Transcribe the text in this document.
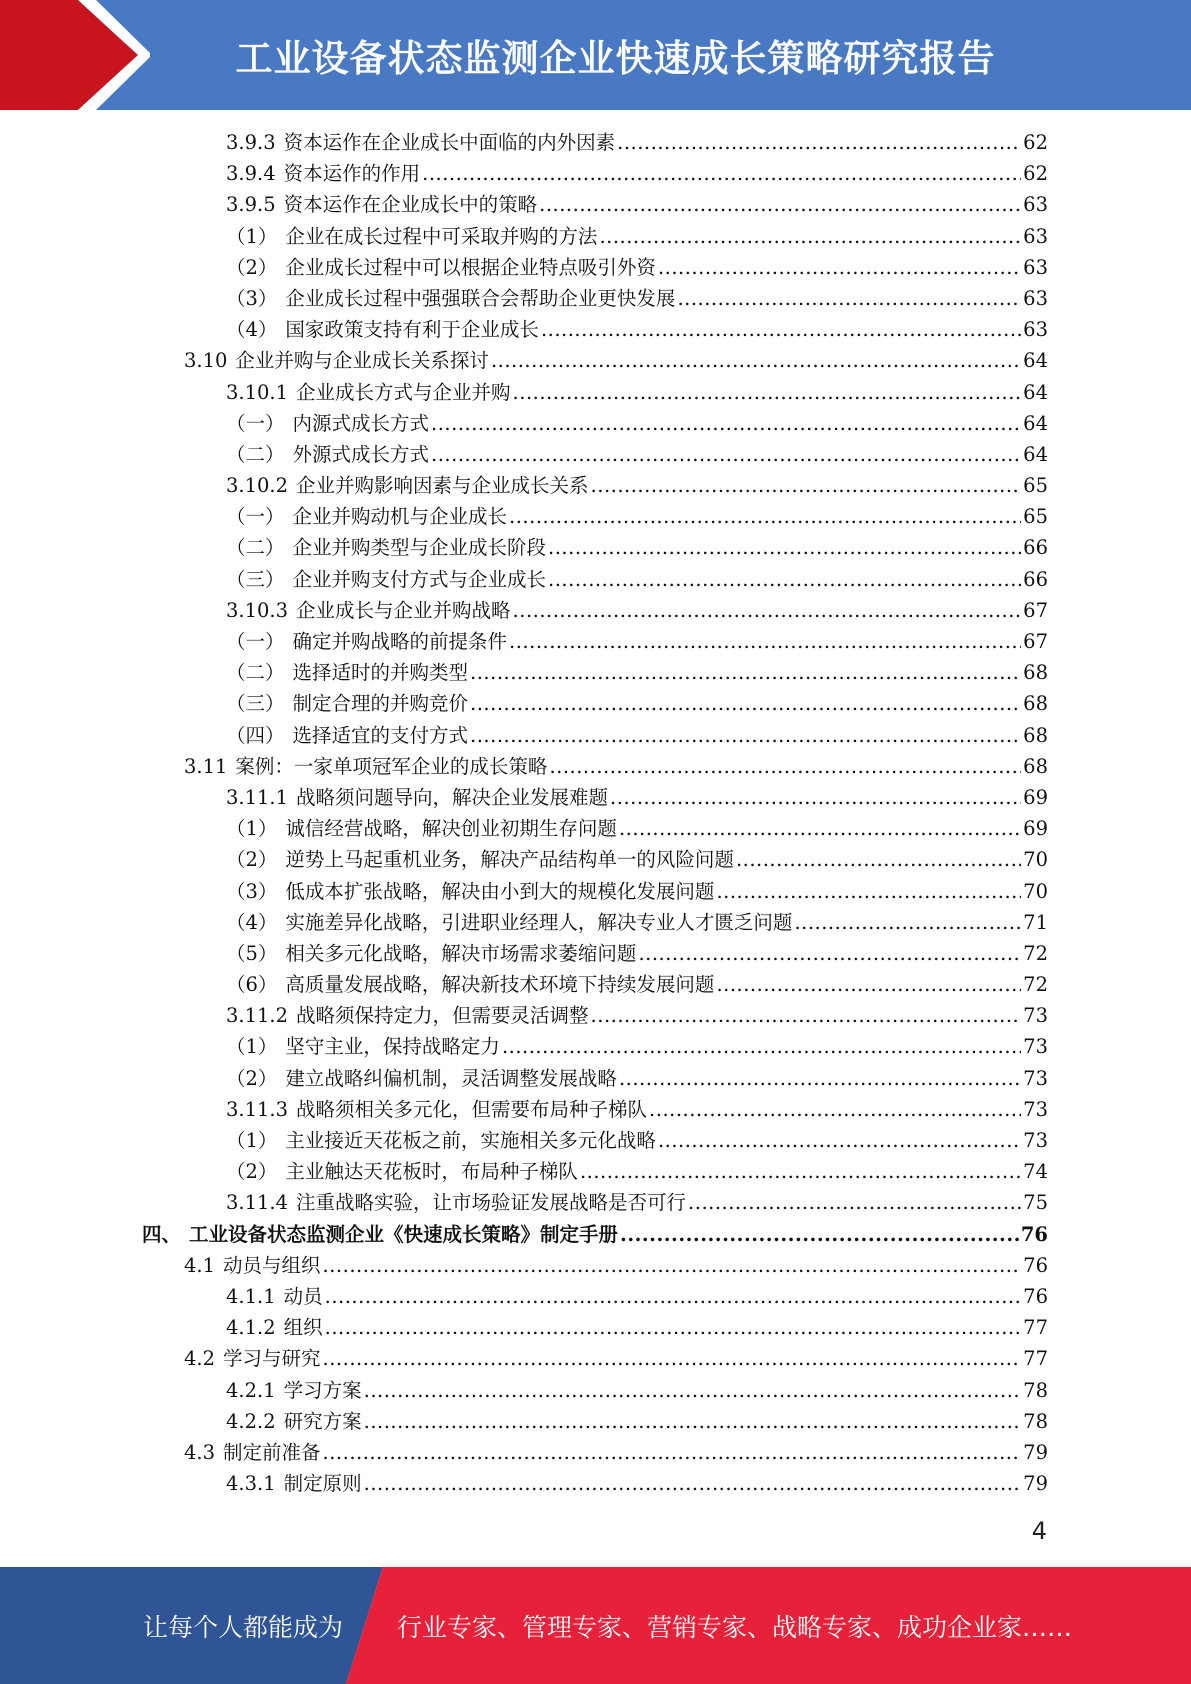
工业设备状态监测企业快速成长策略研究报告
3.9.3 资本运作在企业成长中面临的内外因素 .....	62
3.9.4 资本运作的作用 .....	62
3.9.5 资本运作在企业成长中的策略 .....	63
（1） 企业在成长过程中可采取并购的方法 .....	63
（2） 企业成长过程中可以根据企业特点吸引外资 .....	63
（3） 企业成长过程中强强联合会帮助企业更快发展 .....	63
（4） 国家政策支持有利于企业成长 .....	63
3.10 企业并购与企业成长关系探讨 .....	64
3.10.1 企业成长方式与企业并购 .....	64
（一） 内源式成长方式 .....	64
（二） 外源式成长方式 .....	64
3.10.2 企业并购影响因素与企业成长关系 .....	65
（一） 企业并购动机与企业成长 .....	65
（二） 企业并购类型与企业成长阶段 .....	66
（三） 企业并购支付方式与企业成长 .....	66
3.10.3 企业成长与企业并购战略 .....	67
（一） 确定并购战略的前提条件 .....	67
（二） 选择适时的并购类型 .....	68
（三） 制定合理的并购竞价 .....	68
（四） 选择适宜的支付方式 .....	68
3.11 案例：一家单项冠军企业的成长策略 .....	68
3.11.1 战略须问题导向，解决企业发展难题 .....	69
（1） 诚信经营战略，解决创业初期生存问题 .....	69
（2） 逆势上马起重机业务，解决产品结构单一的风险问题 .....	70
（3） 低成本扩张战略，解决由小到大的规模化发展问题 .....	70
（4） 实施差异化战略，引进职业经理人，解决专业人才匮乏问题 .....	71
（5） 相关多元化战略，解决市场需求萎缩问题 .....	72
（6） 高质量发展战略，解决新技术环境下持续发展问题 .....	72
3.11.2 战略须保持定力，但需要灵活调整 .....	73
（1） 坚守主业，保持战略定力 .....	73
（2） 建立战略纠偏机制，灵活调整发展战略 .....	73
3.11.3 战略须相关多元化，但需要布局种子梯队 .....	73
（1） 主业接近天花板之前，实施相关多元化战略 .....	73
（2） 主业触达天花板时，布局种子梯队 .....	74
3.11.4 注重战略实验，让市场验证发展战略是否可行 .....	75
四、 工业设备状态监测企业《快速成长策略》制定手册 .....	76
4.1 动员与组织 .....	76
4.1.1 动员 .....	76
4.1.2 组织 .....	77
4.2 学习与研究 .....	77
4.2.1 学习方案 .....	78
4.2.2 研究方案 .....	78
4.3 制定前准备 .....	79
4.3.1 制定原则 .....	79
4
让每个人都能成为 行业专家、管理专家、营销专家、战略专家、成功企业家……
